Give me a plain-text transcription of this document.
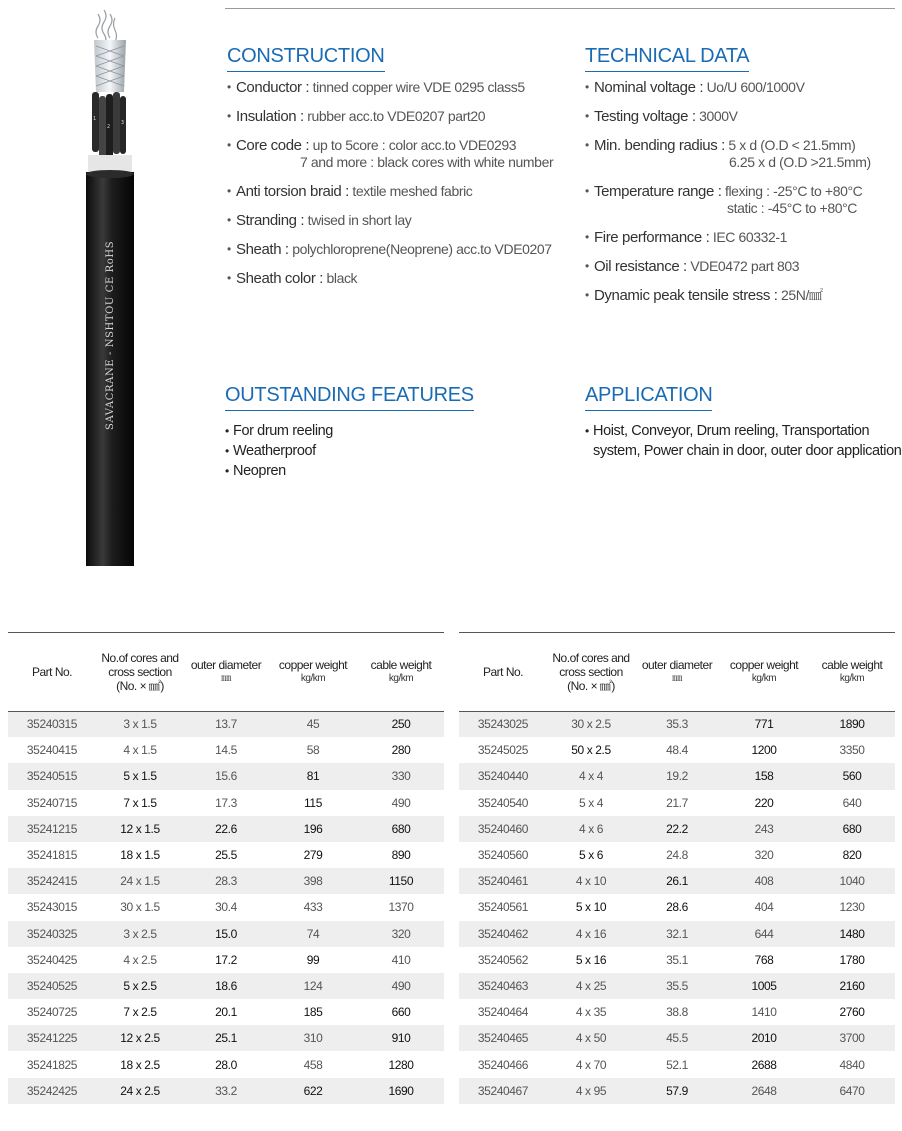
1
2
3
SAVACRANE - NSHTOU CE RoHS
CONSTRUCTION
• Conductor : tinned copper wire VDE 0295 class5
• Insulation : rubber acc.to VDE0207 part20
• Core code : up to 5core : color acc.to VDE0293
7 and more : black cores with white number
• Anti torsion braid : textile meshed fabric
• Stranding : twised in short lay
• Sheath : polychloroprene(Neoprene) acc.to VDE0207
• Sheath color : black
TECHNICAL DATA
• Nominal voltage : Uo/U 600/1000V
• Testing voltage : 3000V
• Min. bending radius : 5 x d (O.D < 21.5mm)
6.25 x d (O.D >21.5mm)
• Temperature range : flexing : -25°C to +80°C
static : -45°C to +80°C
• Fire performance : IEC 60332-1
• Oil resistance : VDE0472 part 803
• Dynamic peak tensile stress : 25N/㎟
OUTSTANDING FEATURES
• For drum reeling
• Weatherproof
• Neopren
APPLICATION
• Hoist, Conveyor, Drum reeling, Transportation
system, Power chain in door, outer door application
Part No.	No.of cores and
cross section
(No. × ㎟)	outer diameter
㎜	copper weight
kg/km	cable weight
kg/km

35240315	3 x 1.5	13.7	45	250
35240415	4 x 1.5	14.5	58	280
35240515	5 x 1.5	15.6	81	330
35240715	7 x 1.5	17.3	115	490
35241215	12 x 1.5	22.6	196	680
35241815	18 x 1.5	25.5	279	890
35242415	24 x 1.5	28.3	398	1150
35243015	30 x 1.5	30.4	433	1370
35240325	3 x 2.5	15.0	74	320
35240425	4 x 2.5	17.2	99	410
35240525	5 x 2.5	18.6	124	490
35240725	7 x 2.5	20.1	185	660
35241225	12 x 2.5	25.1	310	910
35241825	18 x 2.5	28.0	458	1280
35242425	24 x 2.5	33.2	622	1690
Part No.	No.of cores and
cross section
(No. × ㎟)	outer diameter
㎜	copper weight
kg/km	cable weight
kg/km

35243025	30 x 2.5	35.3	771	1890
35245025	50 x 2.5	48.4	1200	3350
35240440	4 x 4	19.2	158	560
35240540	5 x 4	21.7	220	640
35240460	4 x 6	22.2	243	680
35240560	5 x 6	24.8	320	820
35240461	4 x 10	26.1	408	1040
35240561	5 x 10	28.6	404	1230
35240462	4 x 16	32.1	644	1480
35240562	5 x 16	35.1	768	1780
35240463	4 x 25	35.5	1005	2160
35240464	4 x 35	38.8	1410	2760
35240465	4 x 50	45.5	2010	3700
35240466	4 x 70	52.1	2688	4840
35240467	4 x 95	57.9	2648	6470
